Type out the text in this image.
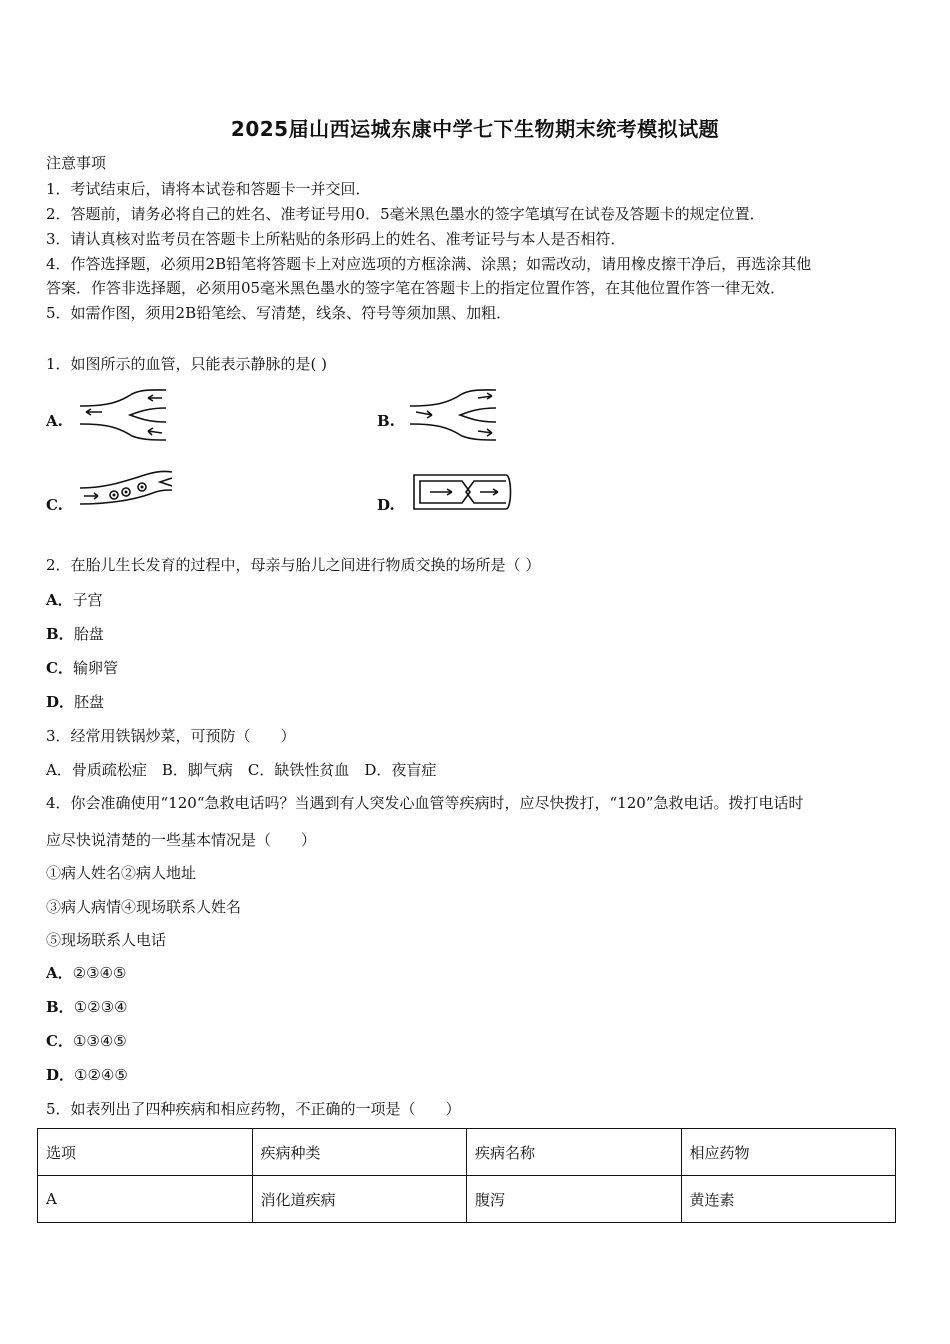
2025届山西运城东康中学七下生物期末统考模拟试题
注意事项
1．考试结束后，请将本试卷和答题卡一并交回．
2．答题前，请务必将自己的姓名、准考证号用0．5毫米黑色墨水的签字笔填写在试卷及答题卡的规定位置．
3．请认真核对监考员在答题卡上所粘贴的条形码上的姓名、准考证号与本人是否相符．
4．作答选择题，必须用2B铅笔将答题卡上对应选项的方框涂满、涂黑；如需改动，请用橡皮擦干净后，再选涂其他
答案．作答非选择题，必须用05毫米黑色墨水的签字笔在答题卡上的指定位置作答，在其他位置作答一律无效．
5．如需作图，须用2B铅笔绘、写清楚，线条、符号等须加黑、加粗．
1．如图所示的血管，只能表示静脉的是( )
A.	B.
C.	D.
2．在胎儿生长发育的过程中，母亲与胎儿之间进行物质交换的场所是（ ）
A．子宫
B．胎盘
C．输卵管
D．胚盘
3．经常用铁锅炒菜，可预防（　　）
A．骨质疏松症　B．脚气病　C．缺铁性贫血　D．夜盲症
4．你会准确使用“120“急救电话吗？当遇到有人突发心血管等疾病时，应尽快拨打，“120”急救电话。拨打电话时
应尽快说清楚的一些基本情况是（　　）
①病人姓名②病人地址
③病人病情④现场联系人姓名
⑤现场联系人电话
A．②③④⑤
B．①②③④
C．①③④⑤
D．①②④⑤
5．如表列出了四种疾病和相应药物，不正确的一项是（　　）
选项	疾病种类	疾病名称	相应药物
A	消化道疾病	腹泻	黄连素
